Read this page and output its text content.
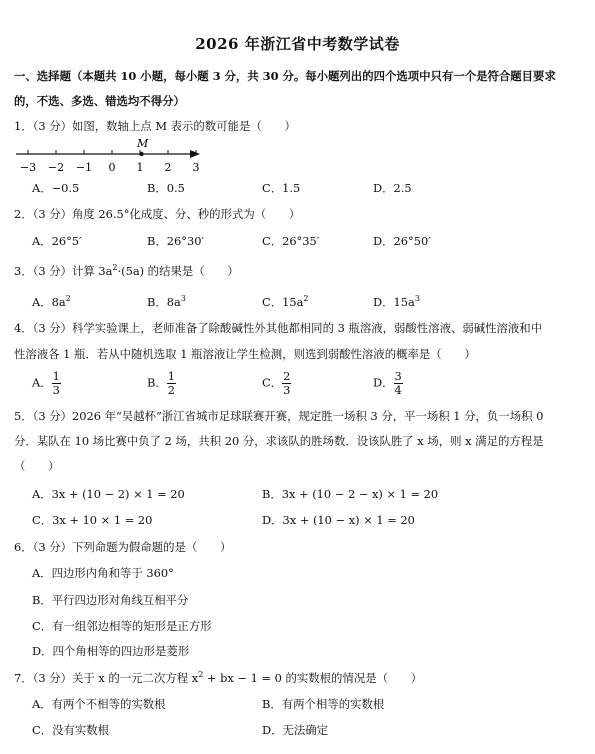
2026 年浙江省中考数学试卷
一、选择题（本题共 10 小题，每小题 3 分，共 30 分。每小题列出的四个选项中只有一个是符合题目要求
的，不选、多选、错选均不得分）
1．（3 分）如图，数轴上点 M 表示的数可能是（　　）
−3 −2 −1 0 1 2 3
M
A．−0.5	B．0.5	C．1.5	D．2.5
2．（3 分）角度 26.5°化成度、分、秒的形式为（　　）
A．26°5′	B．26°30′	C．26°35′	D．26°50′
3．（3 分）计算 $3a^2\cdot(5a)$ 的结果是（　　）
A．$8a^2$	B．$8a^3$	C．$15a^2$	D．$15a^3$
4．（3 分）科学实验课上，老师准备了除酸碱性外其他都相同的 3 瓶溶液，弱酸性溶液、弱碱性溶液和中
性溶液各 1 瓶．若从中随机选取 1 瓶溶液让学生检测，则选到弱酸性溶液的概率是（　　）
A． $\frac{1}{3}$	B． $\frac{1}{2}$	C． $\frac{2}{3}$	D． $\frac{3}{4}$
5．（3 分）2026 年“吴越杯”浙江省城市足球联赛开赛，规定胜一场积 3 分，平一场积 1 分，负一场积 0
分．某队在 10 场比赛中负了 2 场，共积 20 分，求该队的胜场数．设该队胜了 x 场，则 x 满足的方程是
（　　）
A．3x + (10 − 2) × 1 = 20	B．3x + (10 − 2 − x) × 1 = 20
C．3x + 10 × 1 = 20	D．3x + (10 − x) × 1 = 20
6．（3 分）下列命题为假命题的是（　　）
A．四边形内角和等于 360°
B．平行四边形对角线互相平分
C．有一组邻边相等的矩形是正方形
D．四个角相等的四边形是菱形
7．（3 分）关于 x 的一元二次方程 $x^2$ + bx − 1 = 0 的实数根的情况是（　　）
A．有两个不相等的实数根	B．有两个相等的实数根
C．没有实数根	D．无法确定
